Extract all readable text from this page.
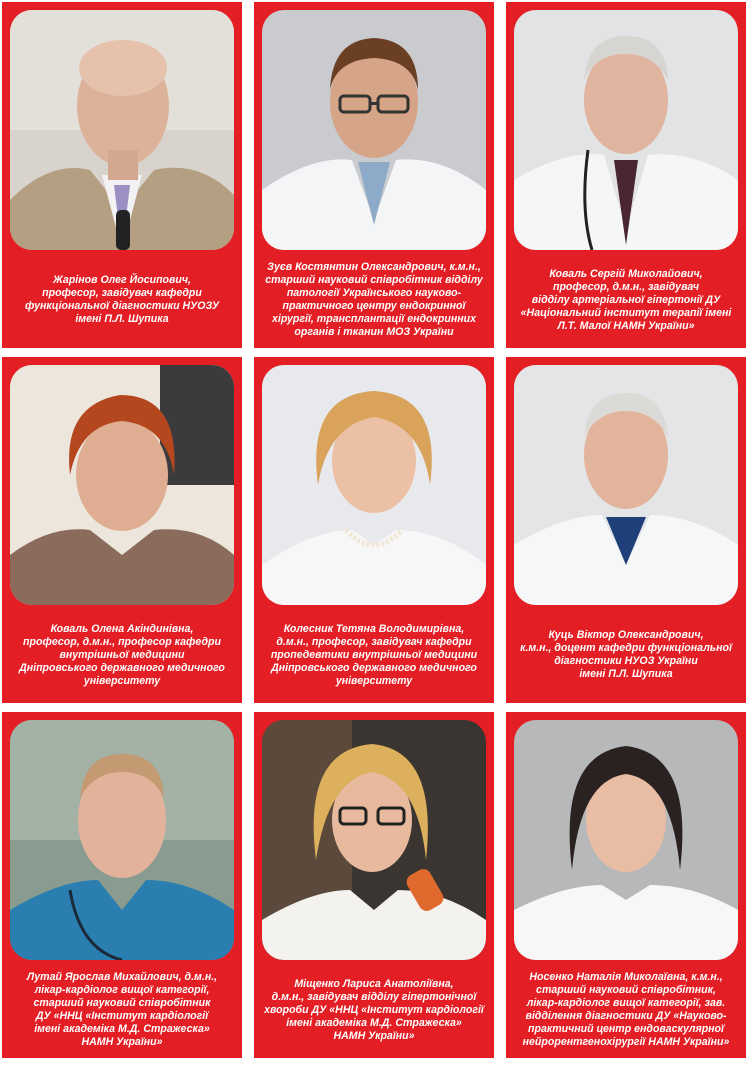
Жарінов Олег Йосипович,
професор, завідувач кафедри
функціональної діагностики НУОЗУ
імені П.Л. Шупика

Зуєв Костянтин Олександрович, к.м.н.,
старший науковий співробітник відділу
патології Українського науково-
практичного центру ендокринної
хірургії, трансплантації ендокринних
органів і тканин МОЗ України

Коваль Сергій Миколайович,
професор, д.м.н., завідувач
відділу артеріальної гіпертонії ДУ
«Національний інститут терапії імені
Л.Т. Малої НАМН України»

Коваль Олена Акіндинівна,
професор, д.м.н., професор кафедри
внутрішньої медицини
Дніпровського державного медичного
університету

Колесник Тетяна Володимирівна,
д.м.н., професор, завідувач кафедри
пропедевтики внутрішньої медицини
Дніпровського державного медичного
університету

Куць Віктор Олександрович,
к.м.н., доцент кафедри функціональної
діагностики НУОЗ України
імені П.Л. Шупика

Лутай Ярослав Михайлович, д.м.н.,
лікар-кардіолог вищої категорії,
старший науковий співробітник
ДУ «ННЦ «Інститут кардіології
імені академіка М.Д. Стражеска»
НАМН України»

Міщенко Лариса Анатоліївна,
д.м.н., завідувач відділу гіпертонічної
хвороби ДУ «ННЦ «Інститут кардіології
імені академіка М.Д. Стражеска»
НАМН України»

Носенко Наталія Миколаївна, к.м.н.,
старший науковий співробітник,
лікар-кардіолог вищої категорії, зав.
відділення діагностики ДУ «Науково-
практичний центр ендоваскулярної
нейрорентгенохірургії НАМН України»
